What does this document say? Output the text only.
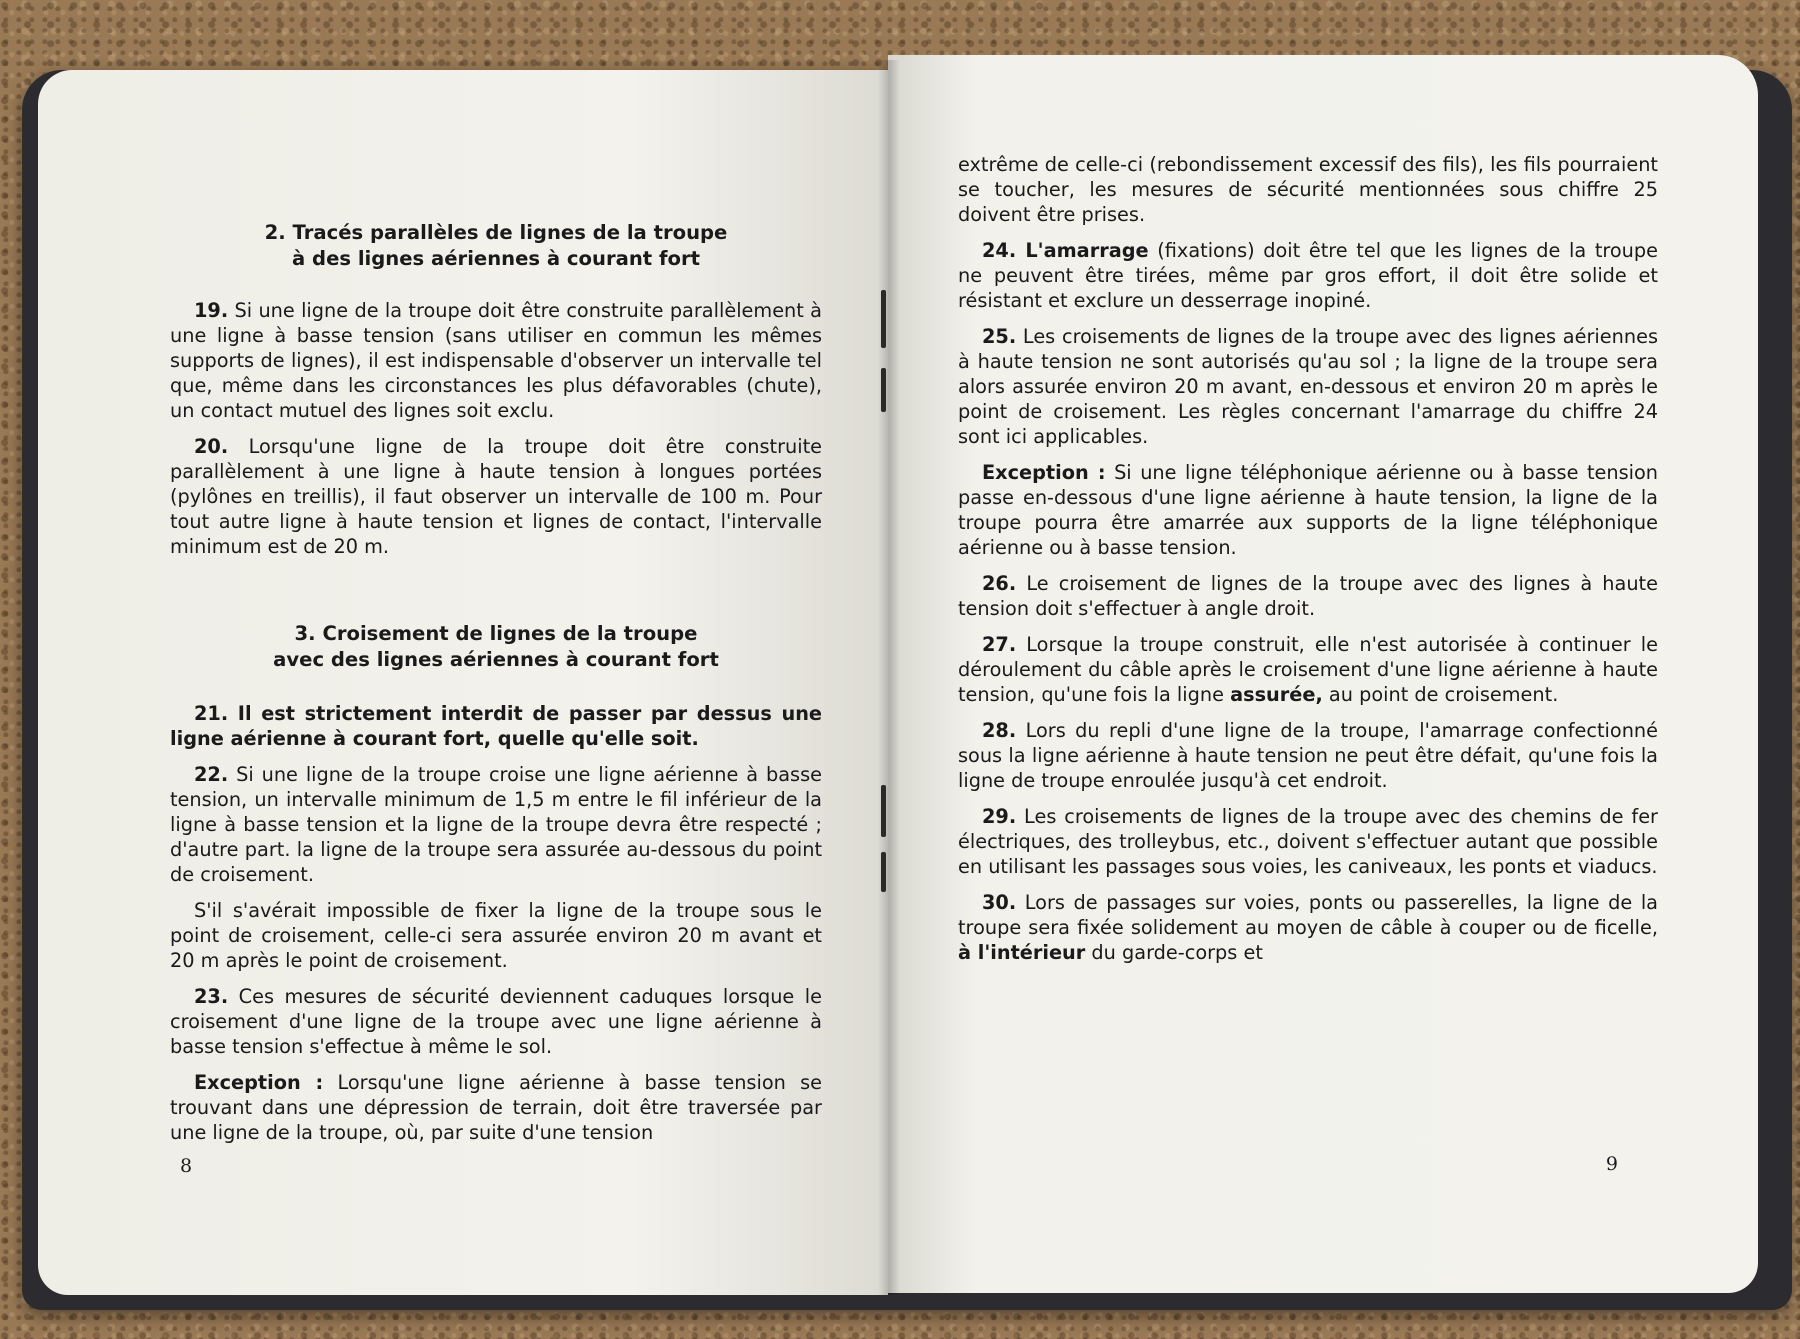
2. Tracés parallèles de lignes de la troupe
à des lignes aériennes à courant fort

19. Si une ligne de la troupe doit être construite parallèlement à une ligne à basse tension (sans utiliser en commun les mêmes supports de lignes), il est indispensable d'observer un intervalle tel que, même dans les circonstances les plus défavorables (chute), un contact mutuel des lignes soit exclu.

20. Lorsqu'une ligne de la troupe doit être construite parallèlement à une ligne à haute tension à longues portées (pylônes en treillis), il faut observer un intervalle de 100 m. Pour tout autre ligne à haute tension et lignes de contact, l'intervalle minimum est de 20 m.

3. Croisement de lignes de la troupe
avec des lignes aériennes à courant fort

21. Il est strictement interdit de passer par dessus une ligne aérienne à courant fort, quelle qu'elle soit.

22. Si une ligne de la troupe croise une ligne aérienne à basse tension, un intervalle minimum de 1,5 m entre le fil inférieur de la ligne à basse tension et la ligne de la troupe devra être respecté ; d'autre part. la ligne de la troupe sera assurée au-dessous du point de croisement.

S'il s'avérait impossible de fixer la ligne de la troupe sous le point de croisement, celle-ci sera assurée environ 20 m avant et 20 m après le point de croisement.

23. Ces mesures de sécurité deviennent caduques lorsque le croisement d'une ligne de la troupe avec une ligne aérienne à basse tension s'effectue à même le sol.

Exception : Lorsqu'une ligne aérienne à basse tension se trouvant dans une dépression de terrain, doit être traversée par une ligne de la troupe, où, par suite d'une tension

8

extrême de celle-ci (rebondissement excessif des fils), les fils pourraient se toucher, les mesures de sécurité mentionnées sous chiffre 25 doivent être prises.

24. L'amarrage (fixations) doit être tel que les lignes de la troupe ne peuvent être tirées, même par gros effort, il doit être solide et résistant et exclure un desserrage inopiné.

25. Les croisements de lignes de la troupe avec des lignes aériennes à haute tension ne sont autorisés qu'au sol ; la ligne de la troupe sera alors assurée environ 20 m avant, en-dessous et environ 20 m après le point de croisement. Les règles concernant l'amarrage du chiffre 24 sont ici applicables.

Exception : Si une ligne téléphonique aérienne ou à basse tension passe en-dessous d'une ligne aérienne à haute tension, la ligne de la troupe pourra être amarrée aux supports de la ligne téléphonique aérienne ou à basse tension.

26. Le croisement de lignes de la troupe avec des lignes à haute tension doit s'effectuer à angle droit.

27. Lorsque la troupe construit, elle n'est autorisée à continuer le déroulement du câble après le croisement d'une ligne aérienne à haute tension, qu'une fois la ligne assurée, au point de croisement.

28. Lors du repli d'une ligne de la troupe, l'amarrage confectionné sous la ligne aérienne à haute tension ne peut être défait, qu'une fois la ligne de troupe enroulée jusqu'à cet endroit.

29. Les croisements de lignes de la troupe avec des chemins de fer électriques, des trolleybus, etc., doivent s'effectuer autant que possible en utilisant les passages sous voies, les caniveaux, les ponts et viaducs.

30. Lors de passages sur voies, ponts ou passerelles, la ligne de la troupe sera fixée solidement au moyen de câble à couper ou de ficelle, à l'intérieur du garde-corps et

9
